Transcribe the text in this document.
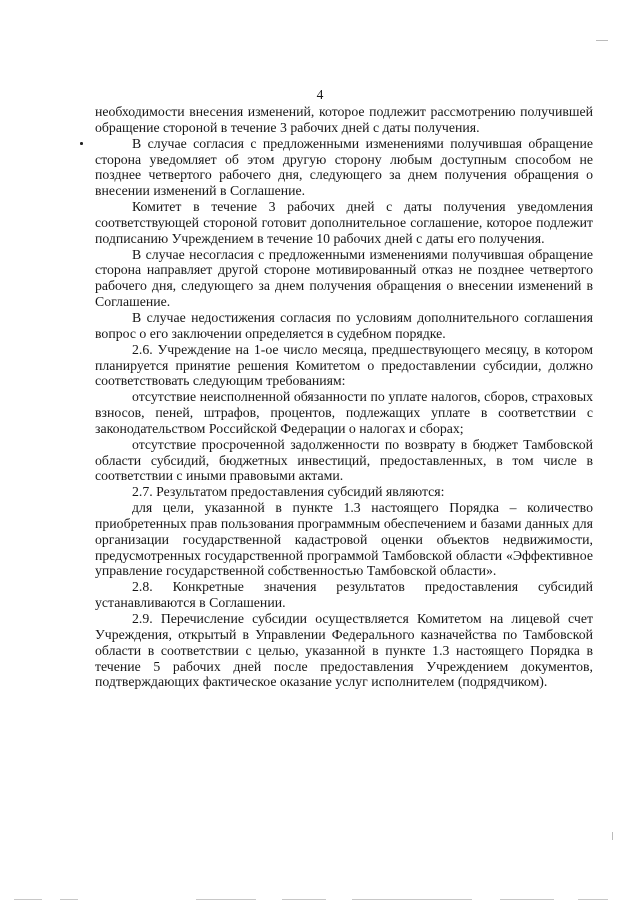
4

необходимости внесения изменений, которое подлежит рассмотрению получившей обращение стороной в течение 3 рабочих дней с даты получения.

В случае согласия с предложенными изменениями получившая обращение сторона уведомляет об этом другую сторону любым доступным способом не позднее четвертого рабочего дня, следующего за днем получения обращения о внесении изменений в Соглашение.

Комитет в течение 3 рабочих дней с даты получения уведомления соответствующей стороной готовит дополнительное соглашение, которое подлежит подписанию Учреждением в течение 10 рабочих дней с даты его получения.

В случае несогласия с предложенными изменениями получившая обращение сторона направляет другой стороне мотивированный отказ не позднее четвертого рабочего дня, следующего за днем получения обращения о внесении изменений в Соглашение.

В случае недостижения согласия по условиям дополнительного соглашения вопрос о его заключении определяется в судебном порядке.

2.6. Учреждение на 1-ое число месяца, предшествующего месяцу, в котором планируется принятие решения Комитетом о предоставлении субсидии, должно соответствовать следующим требованиям:

отсутствие неисполненной обязанности по уплате налогов, сборов, страховых взносов, пеней, штрафов, процентов, подлежащих уплате в соответствии с законодательством Российской Федерации о налогах и сборах;

отсутствие просроченной задолженности по возврату в бюджет Тамбовской области субсидий, бюджетных инвестиций, предоставленных, в том числе в соответствии с иными правовыми актами.

2.7. Результатом предоставления субсидий являются:

для цели, указанной в пункте 1.3 настоящего Порядка – количество приобретенных прав пользования программным обеспечением и базами данных для организации государственной кадастровой оценки объектов недвижимости, предусмотренных государственной программой Тамбовской области «Эффективное управление государственной собственностью Тамбовской области».

2.8. Конкретные значения результатов предоставления субсидий устанавливаются в Соглашении.

2.9. Перечисление субсидии осуществляется Комитетом на лицевой счет Учреждения, открытый в Управлении Федерального казначейства по Тамбовской области в соответствии с целью, указанной в пункте 1.3 настоящего Порядка в течение 5 рабочих дней после предоставления Учреждением документов, подтверждающих фактическое оказание услуг исполнителем (подрядчиком).
